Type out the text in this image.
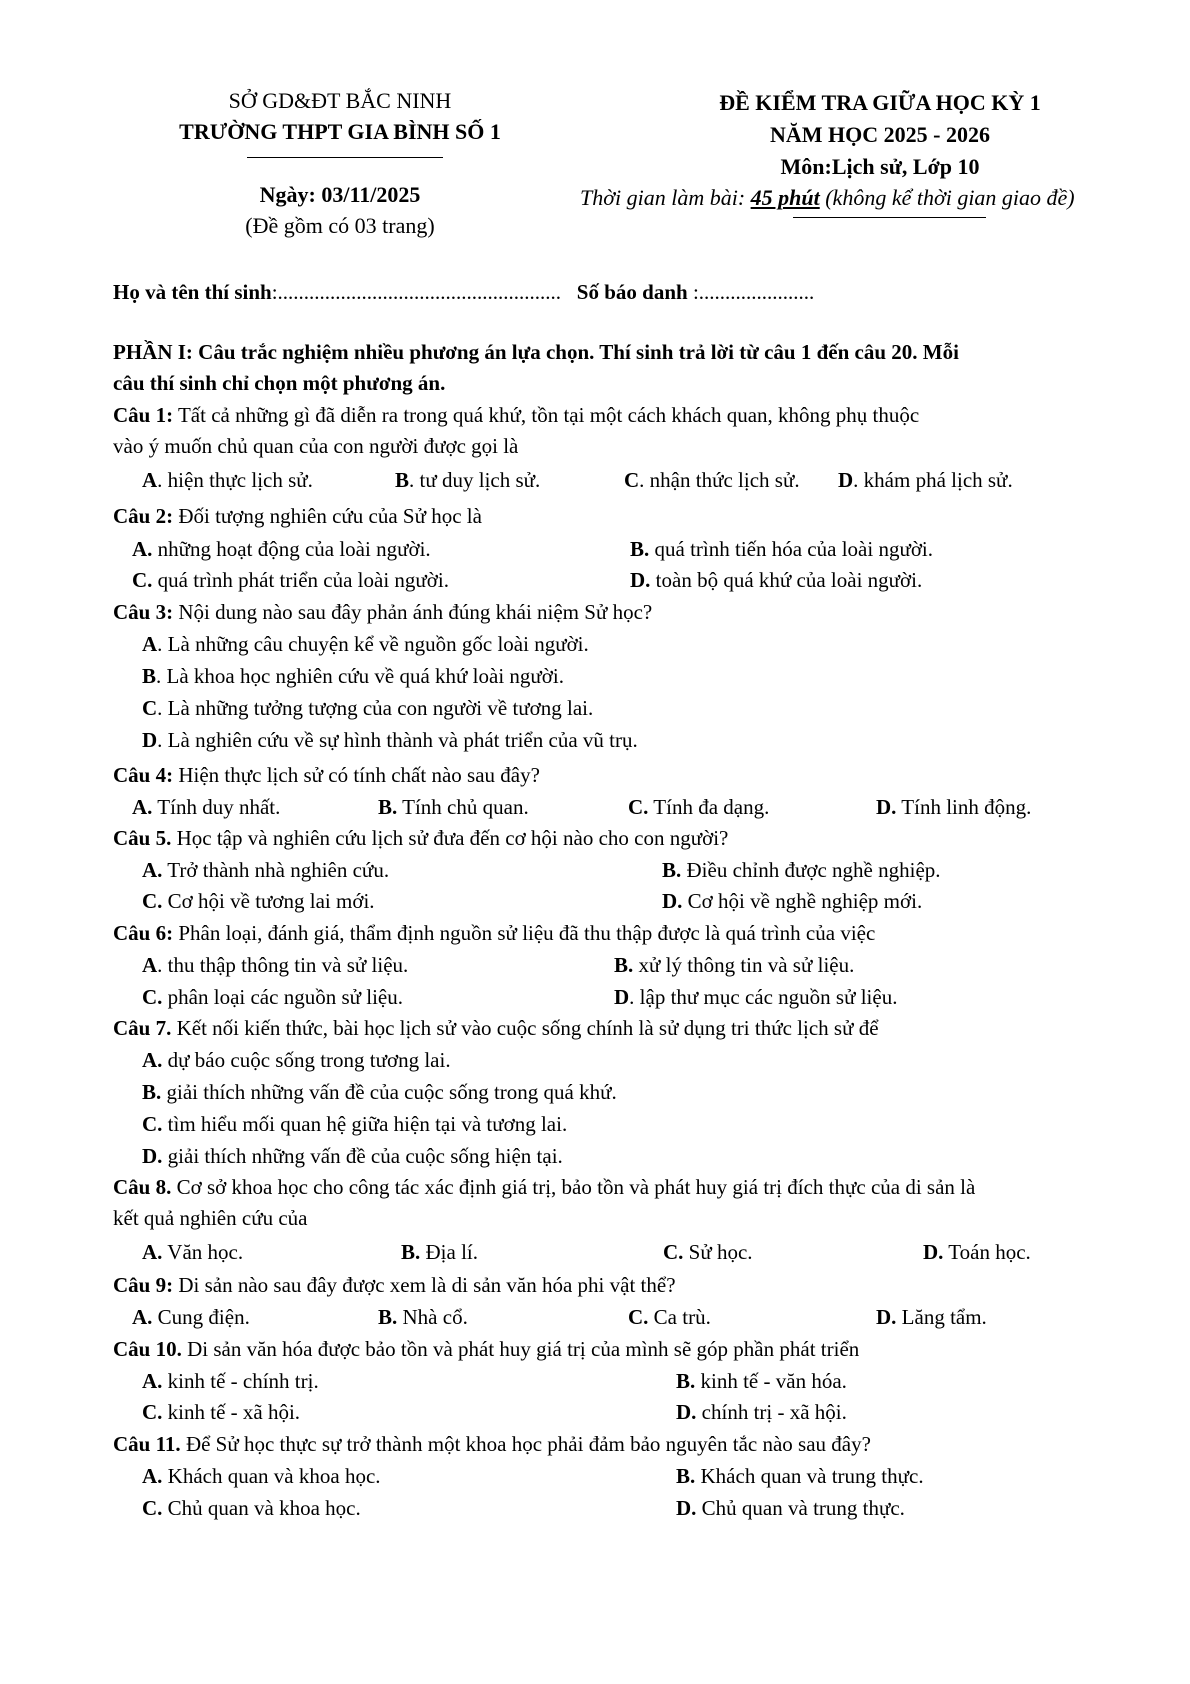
SỞ GD&ĐT BẮC NINH
TRƯỜNG THPT GIA BÌNH SỐ 1
Ngày: 03/11/2025
(Đề gồm có 03 trang)
ĐỀ KIỂM TRA GIỮA HỌC KỲ 1
NĂM HỌC 2025 - 2026
Môn:Lịch sử, Lớp 10
Thời gian làm bài: 45 phút (không kể thời gian giao đề)
Họ và tên thí sinh:...................................................... Số báo danh :......................
PHẦN I: Câu trắc nghiệm nhiều phương án lựa chọn. Thí sinh trả lời từ câu 1 đến câu 20. Mỗi
câu thí sinh chỉ chọn một phương án.
Câu 1: Tất cả những gì đã diễn ra trong quá khứ, tồn tại một cách khách quan, không phụ thuộc
vào ý muốn chủ quan của con người được gọi là
A. hiện thực lịch sử.	B. tư duy lịch sử.	C. nhận thức lịch sử. D. khám phá lịch sử.
Câu 2: Đối tượng nghiên cứu của Sử học là
A. những hoạt động của loài người.	B. quá trình tiến hóa của loài người.
C. quá trình phát triển của loài người.	D. toàn bộ quá khứ của loài người.
Câu 3: Nội dung nào sau đây phản ánh đúng khái niệm Sử học?
A. Là những câu chuyện kể về nguồn gốc loài người.
B. Là khoa học nghiên cứu về quá khứ loài người.
C. Là những tưởng tượng của con người về tương lai.
D. Là nghiên cứu về sự hình thành và phát triển của vũ trụ.
Câu 4: Hiện thực lịch sử có tính chất nào sau đây?
A. Tính duy nhất.	B. Tính chủ quan.	C. Tính đa dạng.	D. Tính linh động.
Câu 5. Học tập và nghiên cứu lịch sử đưa đến cơ hội nào cho con người?
A. Trở thành nhà nghiên cứu.	B. Điều chỉnh được nghề nghiệp.
C. Cơ hội về tương lai mới.	D. Cơ hội về nghề nghiệp mới.
Câu 6: Phân loại, đánh giá, thẩm định nguồn sử liệu đã thu thập được là quá trình của việc
A. thu thập thông tin và sử liệu.	B. xử lý thông tin và sử liệu.
C. phân loại các nguồn sử liệu.	D. lập thư mục các nguồn sử liệu.
Câu 7. Kết nối kiến thức, bài học lịch sử vào cuộc sống chính là sử dụng tri thức lịch sử để
A. dự báo cuộc sống trong tương lai.
B. giải thích những vấn đề của cuộc sống trong quá khứ.
C. tìm hiểu mối quan hệ giữa hiện tại và tương lai.
D. giải thích những vấn đề của cuộc sống hiện tại.
Câu 8. Cơ sở khoa học cho công tác xác định giá trị, bảo tồn và phát huy giá trị đích thực của di sản là
kết quả nghiên cứu của
A. Văn học.	B. Địa lí.	C. Sử học.	D. Toán học.
Câu 9: Di sản nào sau đây được xem là di sản văn hóa phi vật thể?
A. Cung điện.	B. Nhà cổ.	C. Ca trù.	D. Lăng tẩm.
Câu 10. Di sản văn hóa được bảo tồn và phát huy giá trị của mình sẽ góp phần phát triển
A. kinh tế - chính trị.	B. kinh tế - văn hóa.
C. kinh tế - xã hội.	D. chính trị - xã hội.
Câu 11. Để Sử học thực sự trở thành một khoa học phải đảm bảo nguyên tắc nào sau đây?
A. Khách quan và khoa học.	B. Khách quan và trung thực.
C. Chủ quan và khoa học.	D. Chủ quan và trung thực.
